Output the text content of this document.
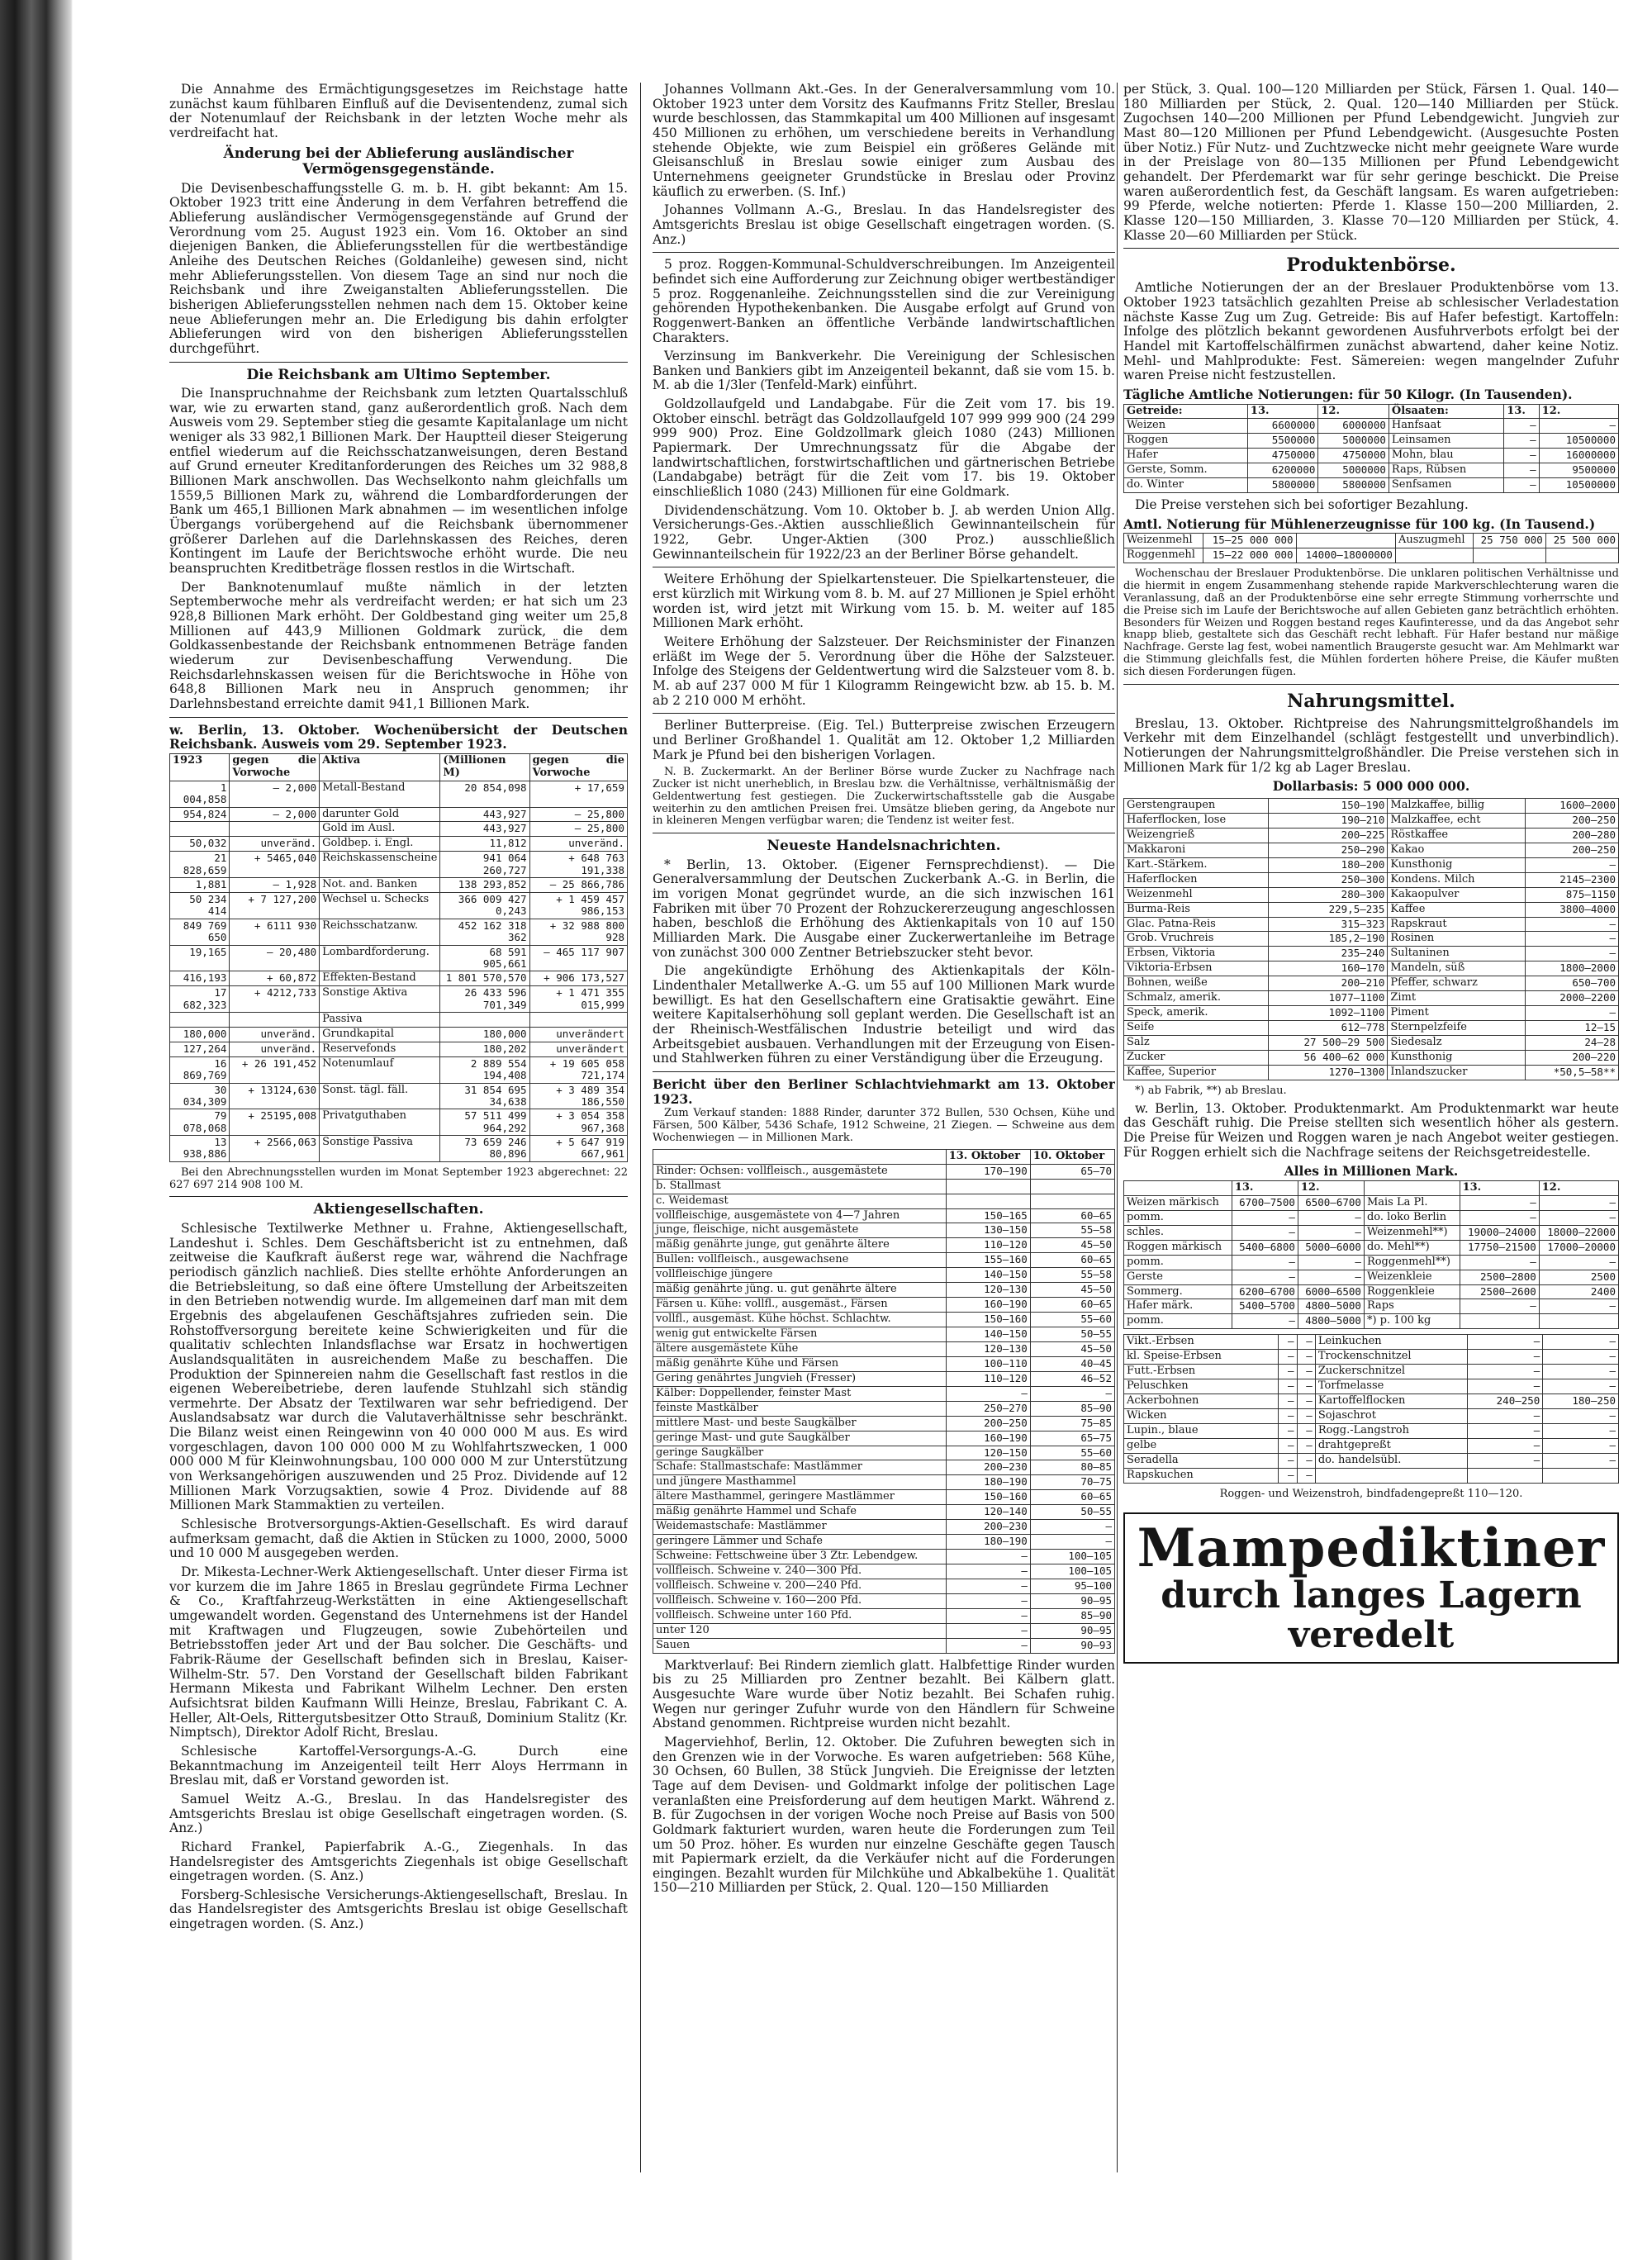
Die Annahme des Ermächtigungsgesetzes im Reichstage hatte zunächst kaum fühlbaren Einfluß auf die Devisentendenz, zumal sich der Notenumlauf der Reichsbank in der letzten Woche mehr als verdreifacht hat.

Änderung bei der Ablieferung ausländischer Vermögensgegenstände.

Die Devisenbeschaffungsstelle G. m. b. H. gibt bekannt: Am 15. Oktober 1923 tritt eine Änderung in dem Verfahren betreffend die Ablieferung ausländischer Vermögensgegenstände auf Grund der Verordnung vom 25. August 1923 ein. Vom 16. Oktober an sind diejenigen Banken, die Ablieferungsstellen für die wertbeständige Anleihe des Deutschen Reiches (Goldanleihe) gewesen sind, nicht mehr Ablieferungsstellen. Von diesem Tage an sind nur noch die Reichsbank und ihre Zweiganstalten Ablieferungsstellen. Die bisherigen Ablieferungsstellen nehmen nach dem 15. Oktober keine neue Ablieferungen mehr an. Die Erledigung bis dahin erfolgter Ablieferungen wird von den bisherigen Ablieferungsstellen durchgeführt.

Die Reichsbank am Ultimo September.

Die Inanspruchnahme der Reichsbank zum letzten Quartalsschluß war, wie zu erwarten stand, ganz außerordentlich groß. Nach dem Ausweis vom 29. September stieg die gesamte Kapitalanlage um nicht weniger als 33 982,1 Billionen Mark. Der Hauptteil dieser Steigerung entfiel wiederum auf die Reichsschatzanweisungen, deren Bestand auf Grund erneuter Kreditanforderungen des Reiches um 32 988,8 Billionen Mark anschwollen. Das Wechselkonto nahm gleichfalls um 1559,5 Billionen Mark zu, während die Lombardforderungen der Bank um 465,1 Billionen Mark abnahmen — im wesentlichen infolge Übergangs vorübergehend auf die Reichsbank übernommener größerer Darlehen auf die Darlehnskassen des Reiches, deren Kontingent im Laufe der Berichtswoche erhöht wurde. Die neu beanspruchten Kreditbeträge flossen restlos in die Wirtschaft.

Der Banknotenumlauf mußte nämlich in der letzten Septemberwoche mehr als verdreifacht werden; er hat sich um 23 928,8 Billionen Mark erhöht. Der Goldbestand ging weiter um 25,8 Millionen auf 443,9 Millionen Goldmark zurück, die dem Goldkassenbestande der Reichsbank entnommenen Beträge fanden wiederum zur Devisenbeschaffung Verwendung. Die Reichsdarlehnskassen weisen für die Berichtswoche in Höhe von 648,8 Billionen Mark neu in Anspruch genommen; ihr Darlehnsbestand erreichte damit 941,1 Billionen Mark.

w. Berlin, 13. Oktober. Wochenübersicht der Deutschen Reichsbank. Ausweis vom 29. September 1923.
1923	gegen die Vorwoche	Aktiva	(Millionen M)	gegen die Vorwoche
1 004,858	— 2,000	Metall-Bestand	20 854,098	+ 17,659
954,824	— 2,000	darunter Gold	443,927	— 25,800
		Gold im Ausl.	443,927	— 25,800
50,032	unveränd.	Goldbep. i. Engl.	11,812	unveränd.
21 828,659	+ 5465,040	Reichskassenscheine	941 064 260,727	+ 648 763 191,338
1,881	— 1,928	Not. and. Banken	138 293,852	— 25 866,786
50 234 414	+ 7 127,200	Wechsel u. Schecks	366 009 427 0,243	+ 1 459 457 986,153
849 769 650	+ 6111 930	Reichsschatzanw.	452 162 318 362	+ 32 988 800 928
19,165	— 20,480	Lombardforderung.	68 591 905,661	— 465 117 907
416,193	+ 60,872	Effekten-Bestand	1 801 570,570	+ 906 173,527
17 682,323	+ 4212,733	Sonstige Aktiva	26 433 596 701,349	+ 1 471 355 015,999
		Passiva		
180,000	unveränd.	Grundkapital	180,000	unverändert
127,264	unveränd.	Reservefonds	180,202	unverändert
16 869,769	+ 26 191,452	Notenumlauf	2 889 554 194,408	+ 19 605 058 721,174
30 034,309	+ 13124,630	Sonst. tägl. fäll.	31 854 695 34,638	+ 3 489 354 186,550
79 078,068	+ 25195,008	Privatguthaben	57 511 499 964,292	+ 3 054 358 967,368
13 938,886	+ 2566,063	Sonstige Passiva	73 659 246 80,896	+ 5 647 919 667,961

Bei den Abrechnungsstellen wurden im Monat September 1923 abgerechnet: 22 627 697 214 908 100 M.

Aktiengesellschaften.

Schlesische Textilwerke Methner u. Frahne, Aktiengesellschaft, Landeshut i. Schles. Dem Geschäftsbericht ist zu entnehmen, daß zeitweise die Kaufkraft äußerst rege war, während die Nachfrage periodisch gänzlich nachließ. Dies stellte erhöhte Anforderungen an die Betriebsleitung, so daß eine öftere Umstellung der Arbeitszeiten in den Betrieben notwendig wurde. Im allgemeinen darf man mit dem Ergebnis des abgelaufenen Geschäftsjahres zufrieden sein. Die Rohstoffversorgung bereitete keine Schwierigkeiten und für die qualitativ schlechten Inlandsflachse war Ersatz in hochwertigen Auslandsqualitäten in ausreichendem Maße zu beschaffen. Die Produktion der Spinnereien nahm die Gesellschaft fast restlos in die eigenen Webereibetriebe, deren laufende Stuhlzahl sich ständig vermehrte. Der Absatz der Textilwaren war sehr befriedigend. Der Auslandsabsatz war durch die Valutaverhältnisse sehr beschränkt. Die Bilanz weist einen Reingewinn von 40 000 000 M aus. Es wird vorgeschlagen, davon 100 000 000 M zu Wohlfahrtszwecken, 1 000 000 000 M für Kleinwohnungsbau, 100 000 000 M zur Unterstützung von Werksangehörigen auszuwenden und 25 Proz. Dividende auf 12 Millionen Mark Vorzugsaktien, sowie 4 Proz. Dividende auf 88 Millionen Mark Stammaktien zu verteilen.

Schlesische Brotversorgungs-Aktien-Gesellschaft. Es wird darauf aufmerksam gemacht, daß die Aktien in Stücken zu 1000, 2000, 5000 und 10 000 M ausgegeben werden.

Dr. Mikesta-Lechner-Werk Aktiengesellschaft. Unter dieser Firma ist vor kurzem die im Jahre 1865 in Breslau gegründete Firma Lechner & Co., Kraftfahrzeug-Werkstätten in eine Aktiengesellschaft umgewandelt worden. Gegenstand des Unternehmens ist der Handel mit Kraftwagen und Flugzeugen, sowie Zubehörteilen und Betriebsstoffen jeder Art und der Bau solcher. Die Geschäfts- und Fabrik-Räume der Gesellschaft befinden sich in Breslau, Kaiser-Wilhelm-Str. 57. Den Vorstand der Gesellschaft bilden Fabrikant Hermann Mikesta und Fabrikant Wilhelm Lechner. Den ersten Aufsichtsrat bilden Kaufmann Willi Heinze, Breslau, Fabrikant C. A. Heller, Alt-Oels, Rittergutsbesitzer Otto Strauß, Dominium Stalitz (Kr. Nimptsch), Direktor Adolf Richt, Breslau.

Schlesische Kartoffel-Versorgungs-A.-G. Durch eine Bekanntmachung im Anzeigenteil teilt Herr Aloys Herrmann in Breslau mit, daß er Vorstand geworden ist.

Samuel Weitz A.-G., Breslau. In das Handelsregister des Amtsgerichts Breslau ist obige Gesellschaft eingetragen worden. (S. Anz.)

Richard Frankel, Papierfabrik A.-G., Ziegenhals. In das Handelsregister des Amtsgerichts Ziegenhals ist obige Gesellschaft eingetragen worden. (S. Anz.)

Forsberg-Schlesische Versicherungs-Aktiengesellschaft, Breslau. In das Handelsregister des Amtsgerichts Breslau ist obige Gesellschaft eingetragen worden. (S. Anz.)

Johannes Vollmann Akt.-Ges. In der Generalversammlung vom 10. Oktober 1923 unter dem Vorsitz des Kaufmanns Fritz Steller, Breslau wurde beschlossen, das Stammkapital um 400 Millionen auf insgesamt 450 Millionen zu erhöhen, um verschiedene bereits in Verhandlung stehende Objekte, wie zum Beispiel ein größeres Gelände mit Gleisanschluß in Breslau sowie einiger zum Ausbau des Unternehmens geeigneter Grundstücke in Breslau oder Provinz käuflich zu erwerben. (S. Inf.)

Johannes Vollmann A.-G., Breslau. In das Handelsregister des Amtsgerichts Breslau ist obige Gesellschaft eingetragen worden. (S. Anz.)

5 proz. Roggen-Kommunal-Schuldverschreibungen. Im Anzeigenteil befindet sich eine Aufforderung zur Zeichnung obiger wertbeständiger 5 proz. Roggenanleihe. Zeichnungsstellen sind die zur Vereinigung gehörenden Hypothekenbanken. Die Ausgabe erfolgt auf Grund von Roggenwert-Banken an öffentliche Verbände landwirtschaftlichen Charakters.

Verzinsung im Bankverkehr. Die Vereinigung der Schlesischen Banken und Bankiers gibt im Anzeigenteil bekannt, daß sie vom 15. b. M. ab die 1/3ler (Tenfeld-Mark) einführt.

Goldzollaufgeld und Landabgabe. Für die Zeit vom 17. bis 19. Oktober einschl. beträgt das Goldzollaufgeld 107 999 999 900 (24 299 999 900) Proz. Eine Goldzollmark gleich 1080 (243) Millionen Papiermark. Der Umrechnungssatz für die Abgabe der landwirtschaftlichen, forstwirtschaftlichen und gärtnerischen Betriebe (Landabgabe) beträgt für die Zeit vom 17. bis 19. Oktober einschließlich 1080 (243) Millionen für eine Goldmark.

Dividendenschätzung. Vom 10. Oktober b. J. ab werden Union Allg. Versicherungs-Ges.-Aktien ausschließlich Gewinnanteilschein für 1922, Gebr. Unger-Aktien (300 Proz.) ausschließlich Gewinnanteilschein für 1922/23 an der Berliner Börse gehandelt.

Weitere Erhöhung der Spielkartensteuer. Die Spielkartensteuer, die erst kürzlich mit Wirkung vom 8. b. M. auf 27 Millionen je Spiel erhöht worden ist, wird jetzt mit Wirkung vom 15. b. M. weiter auf 185 Millionen Mark erhöht.

Weitere Erhöhung der Salzsteuer. Der Reichsminister der Finanzen erläßt im Wege der 5. Verordnung über die Höhe der Salzsteuer. Infolge des Steigens der Geldentwertung wird die Salzsteuer vom 8. b. M. ab auf 237 000 M für 1 Kilogramm Reingewicht bzw. ab 15. b. M. ab 2 210 000 M erhöht.

Berliner Butterpreise. (Eig. Tel.) Butterpreise zwischen Erzeugern und Berliner Großhandel 1. Qualität am 12. Oktober 1,2 Milliarden Mark je Pfund bei den bisherigen Vorlagen.

N. B. Zuckermarkt. An der Berliner Börse wurde Zucker zu Nachfrage nach Zucker ist nicht unerheblich, in Breslau bzw. die Verhältnisse, verhältnismäßig der Geldentwertung fest gestiegen. Die Zuckerwirtschaftsstelle gab die Ausgabe weiterhin zu den amtlichen Preisen frei. Umsätze blieben gering, da Angebote nur in kleineren Mengen verfügbar waren; die Tendenz ist weiter fest.

Neueste Handelsnachrichten.

* Berlin, 13. Oktober. (Eigener Fernsprechdienst). — Die Generalversammlung der Deutschen Zuckerbank A.-G. in Berlin, die im vorigen Monat gegründet wurde, an die sich inzwischen 161 Fabriken mit über 70 Prozent der Rohzuckererzeugung angeschlossen haben, beschloß die Erhöhung des Aktienkapitals von 10 auf 150 Milliarden Mark. Die Ausgabe einer Zuckerwertanleihe im Betrage von zunächst 300 000 Zentner Betriebszucker steht bevor.

Die angekündigte Erhöhung des Aktienkapitals der Köln-Lindenthaler Metallwerke A.-G. um 55 auf 100 Millionen Mark wurde bewilligt. Es hat den Gesellschaftern eine Gratisaktie gewährt. Eine weitere Kapitalserhöhung soll geplant werden. Die Gesellschaft ist an der Rheinisch-Westfälischen Industrie beteiligt und wird das Arbeitsgebiet ausbauen. Verhandlungen mit der Erzeugung von Eisen- und Stahlwerken führen zu einer Verständigung über die Erzeugung.

Bericht über den Berliner Schlachtviehmarkt am 13. Oktober 1923.

Zum Verkauf standen: 1888 Rinder, darunter 372 Bullen, 530 Ochsen, Kühe und Färsen, 500 Kälber, 5436 Schafe, 1912 Schweine, 21 Ziegen. — Schweine aus dem Wochenwiegen — in Millionen Mark.

	13. Oktober	10. Oktober
Rinder: Ochsen: vollfleisch., ausgemästete	170—190	65—70
b. Stallmast		
c. Weidemast		
vollfleischige, ausgemästete von 4—7 Jahren	150—165	60—65
junge, fleischige, nicht ausgemästete	130—150	55—58
mäßig genährte junge, gut genährte ältere	110—120	45—50
Bullen: vollfleisch., ausgewachsene	155—160	60—65
vollfleischige jüngere	140—150	55—58
mäßig genährte jüng. u. gut genährte ältere	120—130	45—50
Färsen u. Kühe: vollfl., ausgemäst., Färsen	160—190	60—65
vollfl., ausgemäst. Kühe höchst. Schlachtw.	150—160	55—60
wenig gut entwickelte Färsen	140—150	50—55
ältere ausgemästete Kühe	120—130	45—50
mäßig genährte Kühe und Färsen	100—110	40—45
Gering genährtes Jungvieh (Fresser)	110—120	46—52
Kälber: Doppellender, feinster Mast	—	—
feinste Mastkälber	250—270	85—90
mittlere Mast- und beste Saugkälber	200—250	75—85
geringe Mast- und gute Saugkälber	160—190	65—75
geringe Saugkälber	120—150	55—60
Schafe: Stallmastschafe: Mastlämmer	200—230	80—85
und jüngere Masthammel	180—190	70—75
ältere Masthammel, geringere Mastlämmer	150—160	60—65
mäßig genährte Hammel und Schafe	120—140	50—55
Weidemastschafe: Mastlämmer	200—230	—
geringere Lämmer und Schafe	180—190	—
Schweine: Fettschweine über 3 Ztr. Lebendgew.	—	100—105
vollfleisch. Schweine v. 240—300 Pfd.	—	100—105
vollfleisch. Schweine v. 200—240 Pfd.	—	95—100
vollfleisch. Schweine v. 160—200 Pfd.	—	90—95
vollfleisch. Schweine unter 160 Pfd.	—	85—90
unter 120	—	90—95
Sauen	—	90—93

Marktverlauf: Bei Rindern ziemlich glatt. Halbfettige Rinder wurden bis zu 25 Milliarden pro Zentner bezahlt. Bei Kälbern glatt. Ausgesuchte Ware wurde über Notiz bezahlt. Bei Schafen ruhig. Wegen nur geringer Zufuhr wurde von den Händlern für Schweine Abstand genommen. Richtpreise wurden nicht bezahlt.

Magerviehhof, Berlin, 12. Oktober. Die Zufuhren bewegten sich in den Grenzen wie in der Vorwoche. Es waren aufgetrieben: 568 Kühe, 30 Ochsen, 60 Bullen, 38 Stück Jungvieh. Die Ereignisse der letzten Tage auf dem Devisen- und Goldmarkt infolge der politischen Lage veranlaßten eine Preisforderung auf dem heutigen Markt. Während z. B. für Zugochsen in der vorigen Woche noch Preise auf Basis von 500 Goldmark fakturiert wurden, waren heute die Forderungen zum Teil um 50 Proz. höher. Es wurden nur einzelne Geschäfte gegen Tausch mit Papiermark erzielt, da die Verkäufer nicht auf die Forderungen eingingen. Bezahlt wurden für Milchkühe und Abkalbekühe 1. Qualität 150—210 Milliarden per Stück, 2. Qual. 120—150 Milliarden

per Stück, 3. Qual. 100—120 Milliarden per Stück, Färsen 1. Qual. 140—180 Milliarden per Stück, 2. Qual. 120—140 Milliarden per Stück. Zugochsen 140—200 Millionen per Pfund Lebendgewicht. Jungvieh zur Mast 80—120 Millionen per Pfund Lebendgewicht. (Ausgesuchte Posten über Notiz.) Für Nutz- und Zuchtzwecke nicht mehr geeignete Ware wurde in der Preislage von 80—135 Millionen per Pfund Lebendgewicht gehandelt. Der Pferdemarkt war für sehr geringe beschickt. Die Preise waren außerordentlich fest, da Geschäft langsam. Es waren aufgetrieben: 99 Pferde, welche notierten: Pferde 1. Klasse 150—200 Milliarden, 2. Klasse 120—150 Milliarden, 3. Klasse 70—120 Milliarden per Stück, 4. Klasse 20—60 Milliarden per Stück.

Produktenbörse.

Amtliche Notierungen der an der Breslauer Produktenbörse vom 13. Oktober 1923 tatsächlich gezahlten Preise ab schlesischer Verladestation nächste Kasse Zug um Zug. Getreide: Bis auf Hafer befestigt. Kartoffeln: Infolge des plötzlich bekannt gewordenen Ausfuhrverbots erfolgt bei der Handel mit Kartoffelschälfirmen zunächst abwartend, daher keine Notiz. Mehl- und Mahlprodukte: Fest. Sämereien: wegen mangelnder Zufuhr waren Preise nicht festzustellen.

Tägliche Amtliche Notierungen: für 50 Kilogr. (In Tausenden).
Getreide:	13.	12.	Ölsaaten:	13.	12.
Weizen	6600000	6000000	Hanfsaat	—	—
Roggen	5500000	5000000	Leinsamen	—	10500000
Hafer	4750000	4750000	Mohn, blau	—	16000000
Gerste, Somm.	6200000	5000000	Raps, Rübsen	—	9500000
do. Winter	5800000	5800000	Senfsamen	—	10500000

Die Preise verstehen sich bei sofortiger Bezahlung.

Amtl. Notierung für Mühlenerzeugnisse für 100 kg. (In Tausend.)
Weizenmehl	15—25 000 000		Auszugmehl	25 750 000	25 500 000
Roggenmehl	15—22 000 000	14000—18000000			

Wochenschau der Breslauer Produktenbörse. Die unklaren politischen Verhältnisse und die hiermit in engem Zusammenhang stehende rapide Markverschlechterung waren die Veranlassung, daß an der Produktenbörse eine sehr erregte Stimmung vorherrschte und die Preise sich im Laufe der Berichtswoche auf allen Gebieten ganz beträchtlich erhöhten. Besonders für Weizen und Roggen bestand reges Kaufinteresse, und da das Angebot sehr knapp blieb, gestaltete sich das Geschäft recht lebhaft. Für Hafer bestand nur mäßige Nachfrage. Gerste lag fest, wobei namentlich Braugerste gesucht war. Am Mehlmarkt war die Stimmung gleichfalls fest, die Mühlen forderten höhere Preise, die Käufer mußten sich diesen Forderungen fügen.

Nahrungsmittel.

Breslau, 13. Oktober. Richtpreise des Nahrungsmittelgroßhandels im Verkehr mit dem Einzelhandel (schlägt festgestellt und unverbindlich). Notierungen der Nahrungsmittelgroßhändler. Die Preise verstehen sich in Millionen Mark für 1/2 kg ab Lager Breslau.

Dollarbasis: 5 000 000 000.

Gerstengraupen	150—190	Malzkaffee, billig	1600—2000
Haferflocken, lose	190—210	Malzkaffee, echt	200—250
Weizengrieß	200—225	Röstkaffee	200—280
Makkaroni	250—290	Kakao	200—250
Kart.-Stärkem.	180—200	Kunsthonig	—
Haferflocken	250—300	Kondens. Milch	2145—2300
Weizenmehl	280—300	Kakaopulver	875—1150
Burma-Reis	229,5—235	Kaffee	3800—4000
Glac. Patna-Reis	315—323	Rapskraut	—
Grob. Vruchreis	185,2—190	Rosinen	—
Erbsen, Viktoria	235—240	Sultaninen	—
Viktoria-Erbsen	160—170	Mandeln, süß	1800—2000
Bohnen, weiße	200—210	Pfeffer, schwarz	650—700
Schmalz, amerik.	1077—1100	Zimt	2000—2200
Speck, amerik.	1092—1100	Piment	—
Seife	612—778	Sternpelzfeife	12—15
Salz	27 500—29 500	Siedesalz	24—28
Zucker	56 400—62 000	Kunsthonig	200—220
Kaffee, Superior	1270—1300	Inlandszucker	*50,5—58**

*) ab Fabrik, **) ab Breslau.

w. Berlin, 13. Oktober. Produktenmarkt. Am Produktenmarkt war heute das Geschäft ruhig. Die Preise stellten sich wesentlich höher als gestern. Die Preise für Weizen und Roggen waren je nach Angebot weiter gestiegen. Für Roggen erhielt sich die Nachfrage seitens der Reichsgetreidestelle.

Alles in Millionen Mark.
	13.	12.		13.	12.
Weizen märkisch	6700—7500	6500—6700	Mais La Pl.	—	—
pomm.	—	—	do. loko Berlin	—	—
schles.	—	—	Weizenmehl**)	19000—24000	18000—22000
Roggen märkisch	5400—6800	5000—6000	do. Mehl**)	17750—21500	17000—20000
pomm.	—	—	Roggenmehl**)	—	—
Gerste	—	—	Weizenkleie	2500—2800	2500
Sommerg.	6200—6700	6000—6500	Roggenkleie	2500—2600	2400
Hafer märk.	5400—5700	4800—5000	Raps	—	—
pomm.	—	4800—5000	*) p. 100 kg		
Vikt.-Erbsen	—	—	Leinkuchen	—	—
kl. Speise-Erbsen	—	—	Trockenschnitzel	—	—
Futt.-Erbsen	—	—	Zuckerschnitzel	—	—
Peluschken	—	—	Torfmelasse	—	—
Ackerbohnen	—	—	Kartoffelflocken	240—250	180—250
Wicken	—	—	Sojaschrot	—	—
Lupin., blaue	—	—	Rogg.-Langstroh	—	—
gelbe	—	—	drahtgepreßt	—	—
Seradella	—	—	do. handelsübl.	—	—
Rapskuchen	—	—			

Roggen- und Weizenstroh, bindfadengepreßt 110—120.

Mampediktiner
durch langes Lagern
veredelt
